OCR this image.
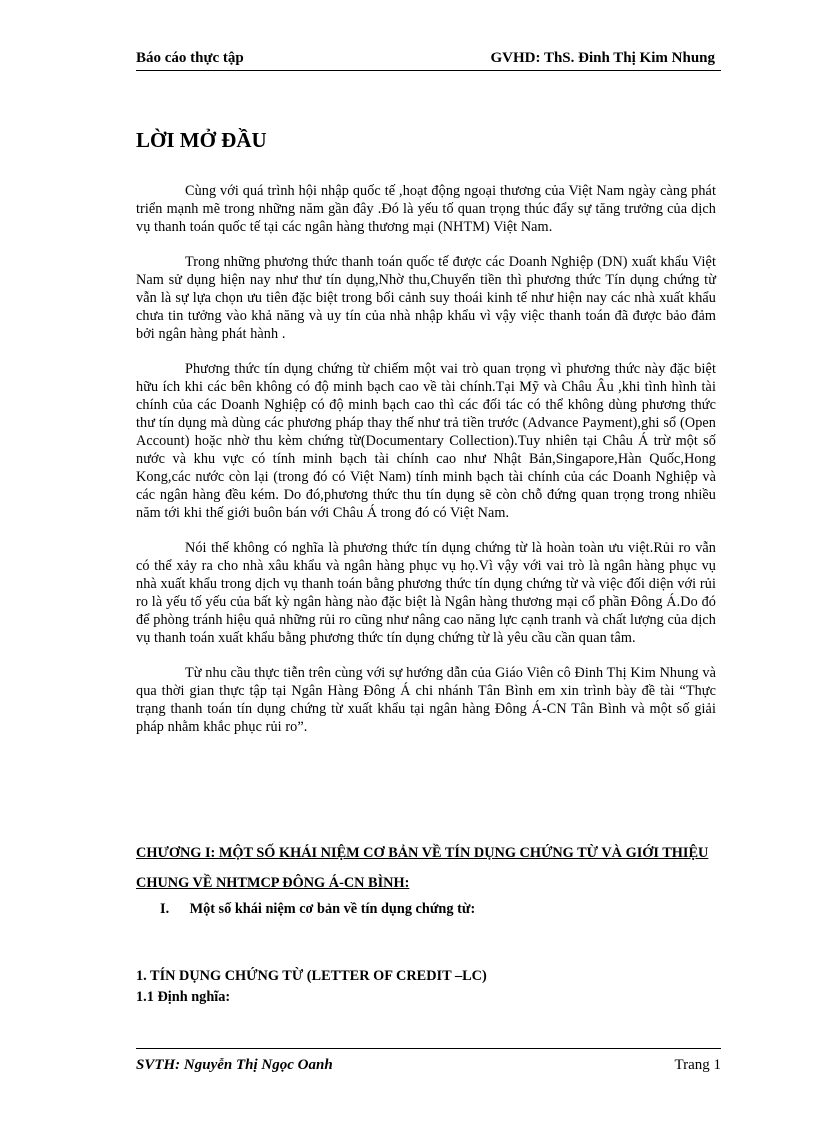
Báo cáo thực tập	GVHD: ThS. Đinh Thị Kim Nhung
LỜI MỞ ĐẦU

Cùng với quá trình hội nhập quốc tế ,hoạt động ngoại thương của Việt Nam ngày càng phát triển mạnh mẽ trong những năm gần đây .Đó là yếu tố quan trọng thúc đẩy sự tăng trưởng của dịch vụ thanh toán quốc tế tại các ngân hàng thương mại (NHTM) Việt Nam.

Trong những phương thức thanh toán quốc tế được các Doanh Nghiệp (DN) xuất khẩu Việt Nam sử dụng hiện nay như thư tín dụng,Nhờ thu,Chuyển tiền thì phương thức Tín dụng chứng từ vẫn là sự lựa chọn ưu tiên đặc biệt trong bối cảnh suy thoái kinh tế như hiện nay các nhà xuất khẩu chưa tin tưởng vào khả năng và uy tín của nhà nhập khẩu vì vậy việc thanh toán đã được bảo đảm bởi ngân hàng phát hành .

Phương thức tín dụng chứng từ chiếm một vai trò quan trọng vì phương thức này đặc biệt hữu ích khi các bên không có độ minh bạch cao về tài chính.Tại Mỹ và Châu Âu ,khi tình hình tài chính của các Doanh Nghiệp có độ minh bạch cao thì các đối tác có thể không dùng phương thức thư tín dụng mà dùng các phương pháp thay thế như trả tiền trước (Advance Payment),ghi sổ (Open Account) hoặc nhờ thu kèm chứng từ(Documentary Collection).Tuy nhiên tại Châu Á trừ một số nước và khu vực có tính minh bạch tài chính cao như Nhật Bản,Singapore,Hàn Quốc,Hong Kong,các nước còn lại (trong đó có Việt Nam) tính minh bạch tài chính của các Doanh Nghiệp và các ngân hàng đều kém. Do đó,phương thức thu tín dụng sẽ còn chỗ đứng quan trọng trong nhiều năm tới khi thế giới buôn bán với Châu Á trong đó có Việt Nam.

Nói thế không có nghĩa là phương thức tín dụng chứng từ là hoàn toàn ưu việt.Rủi ro vẫn có thể xảy ra cho nhà xâu khẩu và ngân hàng phục vụ họ.Vì vậy với vai trò là ngân hàng phục vụ nhà xuất khẩu trong dịch vụ thanh toán bằng phương thức tín dụng chứng từ và việc đối diện với rủi ro là yếu tố yếu của bất kỳ ngân hàng nào đặc biệt là Ngân hàng thương mại cổ phần Đông Á.Do đó để phòng tránh hiệu quả những rủi ro cũng như nâng cao năng lực cạnh tranh và chất lượng của dịch vụ thanh toán xuất khẩu bằng phương thức tín dụng chứng từ là yêu cầu cần quan tâm.

Từ nhu cầu thực tiễn trên cùng với sự hướng dẫn của Giáo Viên cô Đinh Thị Kim Nhung và qua thời gian thực tập tại Ngân Hàng Đông Á chi nhánh Tân Bình em xin trình bày đề tài “Thực trạng thanh toán tín dụng chứng từ xuất khẩu tại ngân hàng Đông Á-CN Tân Bình và một số giải pháp nhằm khắc phục rủi ro”.

CHƯƠNG I: MỘT SỐ KHÁI NIỆM CƠ BẢN VỀ TÍN DỤNG CHỨNG TỪ VÀ GIỚI THIỆU CHUNG VỀ NHTMCP ĐÔNG Á-CN BÌNH:
I. Một số khái niệm cơ bản về tín dụng chứng từ:
1. TÍN DỤNG CHỨNG TỪ (LETTER OF CREDIT –LC)
1.1 Định nghĩa:
SVTH: Nguyễn Thị Ngọc Oanh	Trang 1
